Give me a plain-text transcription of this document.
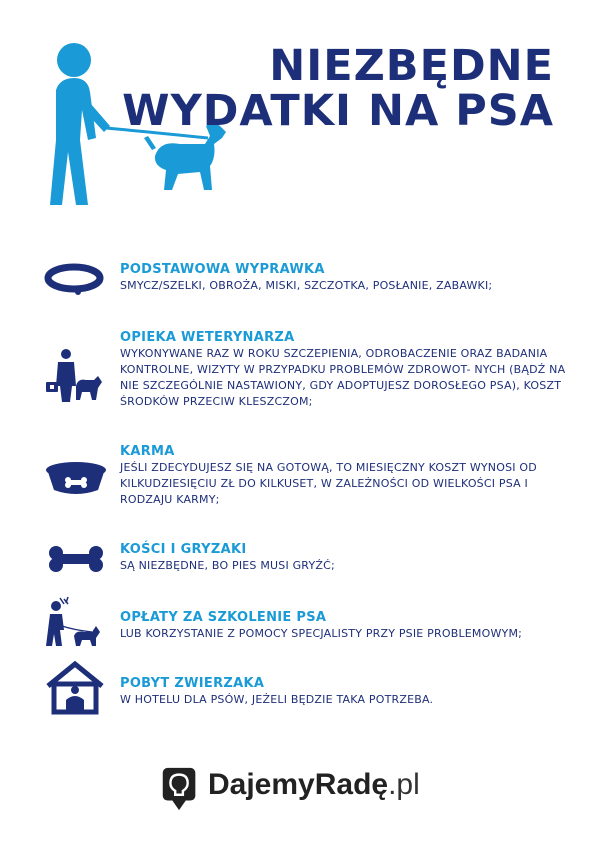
NIEZBĘDNE
WYDATKI NA PSA
PODSTAWOWA WYPRAWKA
SMYCZ/SZELKI, OBROŻA, MISKI, SZCZOTKA, POSŁANIE, ZABAWKI;
OPIEKA WETERYNARZA
WYKONYWANE RAZ W ROKU SZCZEPIENIA, ODROBACZENIE ORAZ BADANIA KONTROLNE, WIZYTY W PRZYPADKU PROBLEMÓW ZDROWOT- NYCH (BĄDŹ NA NIE SZCZEGÓLNIE NASTAWIONY, GDY ADOPTUJESZ DOROSŁEGO PSA), KOSZT ŚRODKÓW PRZECIW KLESZCZOM;
KARMA
JEŚLI ZDECYDUJESZ SIĘ NA GOTOWĄ, TO MIESIĘCZNY KOSZT WYNOSI OD KILKUDZIESIĘCIU ZŁ DO KILKUSET, W ZALEŻNOŚCI OD WIELKOŚCI PSA I RODZAJU KARMY;
KOŚCI I GRYZAKI
SĄ NIEZBĘDNE, BO PIES MUSI GRYŹĆ;
OPŁATY ZA SZKOLENIE PSA
LUB KORZYSTANIE Z POMOCY SPECJALISTY PRZY PSIE PROBLEMOWYM;
POBYT ZWIERZAKA
W HOTELU DLA PSÓW, JEŻELI BĘDZIE TAKA POTRZEBA.
DajemyRadę.pl
